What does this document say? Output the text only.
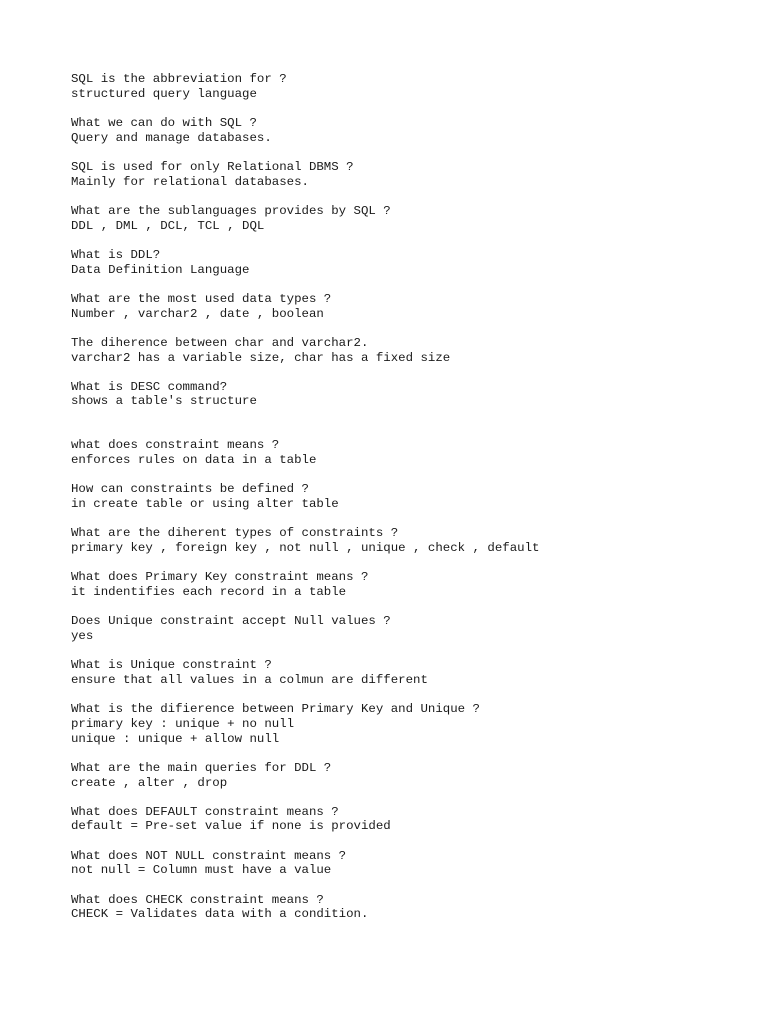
SQL is the abbreviation for ?
structured query language
What we can do with SQL ?
Query and manage databases.
SQL is used for only Relational DBMS ?
Mainly for relational databases.
What are the sublanguages provides by SQL ?
DDL , DML , DCL, TCL , DQL
What is DDL?
Data Definition Language
What are the most used data types ?
Number , varchar2 , date , boolean
The diherence between char and varchar2.
varchar2 has a variable size, char has a fixed size
What is DESC command?
shows a table's structure
what does constraint means ?
enforces rules on data in a table
How can constraints be defined ?
in create table or using alter table
What are the diherent types of constraints ?
primary key , foreign key , not null , unique , check , default
What does Primary Key constraint means ?
it indentifies each record in a table
Does Unique constraint accept Null values ?
yes
What is Unique constraint ?
ensure that all values in a colmun are different
What is the difierence between Primary Key and Unique ?
primary key : unique + no null
unique : unique + allow null
What are the main queries for DDL ?
create , alter , drop
What does DEFAULT constraint means ?
default = Pre-set value if none is provided
What does NOT NULL constraint means ?
not null = Column must have a value
What does CHECK constraint means ?
CHECK = Validates data with a condition.
